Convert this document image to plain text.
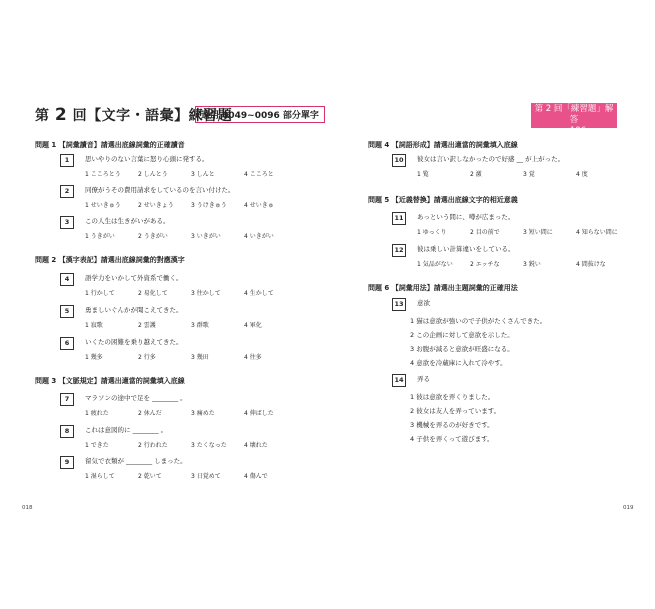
第 2 回【文字・語彙】練習題
選用 0049~0096 部分單字
第 2 回「練習題」解答
p.196
問題 1 【詞彙讀音】請選出底線詞彙的正確讀音
1	思いやりのない言葉に怒り心頭に発する。
1 こころとう	2 しんとう	3 しんと	4 こころと
2	同僚がうその費用請求をしているのを言い付けた。
1 せいきゅう	2 せいきょう	3 うけきゅう	4 せいきゅ
3	この人生は生きがいがある。
1 うきがい	2 うきがい	3 いきがい	4 いきがい
問題 2 【漢字表記】請選出底線詞彙的對應漢字
4	語学力をいかして外資系で働く。
1 行かして	2 易化して	3 往かして	4 生かして
5	勇ましいぐんかが聞こえてきた。
1 寂歌	2 雲護	3 群歌	4 軍化
6	いくたの困難を乗り越えてきた。
1 幾多	2 行多	3 幾田	4 往多
問題 3 【文脈規定】請選出適當的詞彙填入底線
7	マラソンの途中で足を ________ 。
1 疲れた	2 休んだ	3 痛めた	4 伸ばした
8	これは意図的に ________ 。
1 できた	2 行われた	3 たくなった	4 壊れた
9	留気で衣類が ________ しまった。
1 湿らして	2 乾いて	3 日覚めて	4 傷んで
018
問題 4 【詞語形成】請選出適當的詞彙填入底線
10	彼女は言い訳しなかったので好感 __ が上がった。
1 覧	2 激	3 覚	4 度
問題 5 【近義替換】請選出底線文字的相近意義
11	あっという間に、噂が広まった。
1 ゆっくり	2 目の前で	3 短い間に	4 知らない間に
12	彼は乗しい計算違いをしている。
1 気品がない	2 エッチな	3 鋭い	4 間抜けな
問題 6 【詞彙用法】請選出主題詞彙的正確用法
13	意欲
1 猫は意欲が強いので子供がたくさんできた。
2 この企画に対して意欲を示した。
3 お腹が減ると意欲が旺盛になる。
4 意欲を冷蔵庫に入れて冷やす。
14	弄る
1 彼は意欲を弄くりました。
2 彼女は友人を弄っています。
3 機械を弄るのが好きです。
4 子供を弄くって遊びます。
019
